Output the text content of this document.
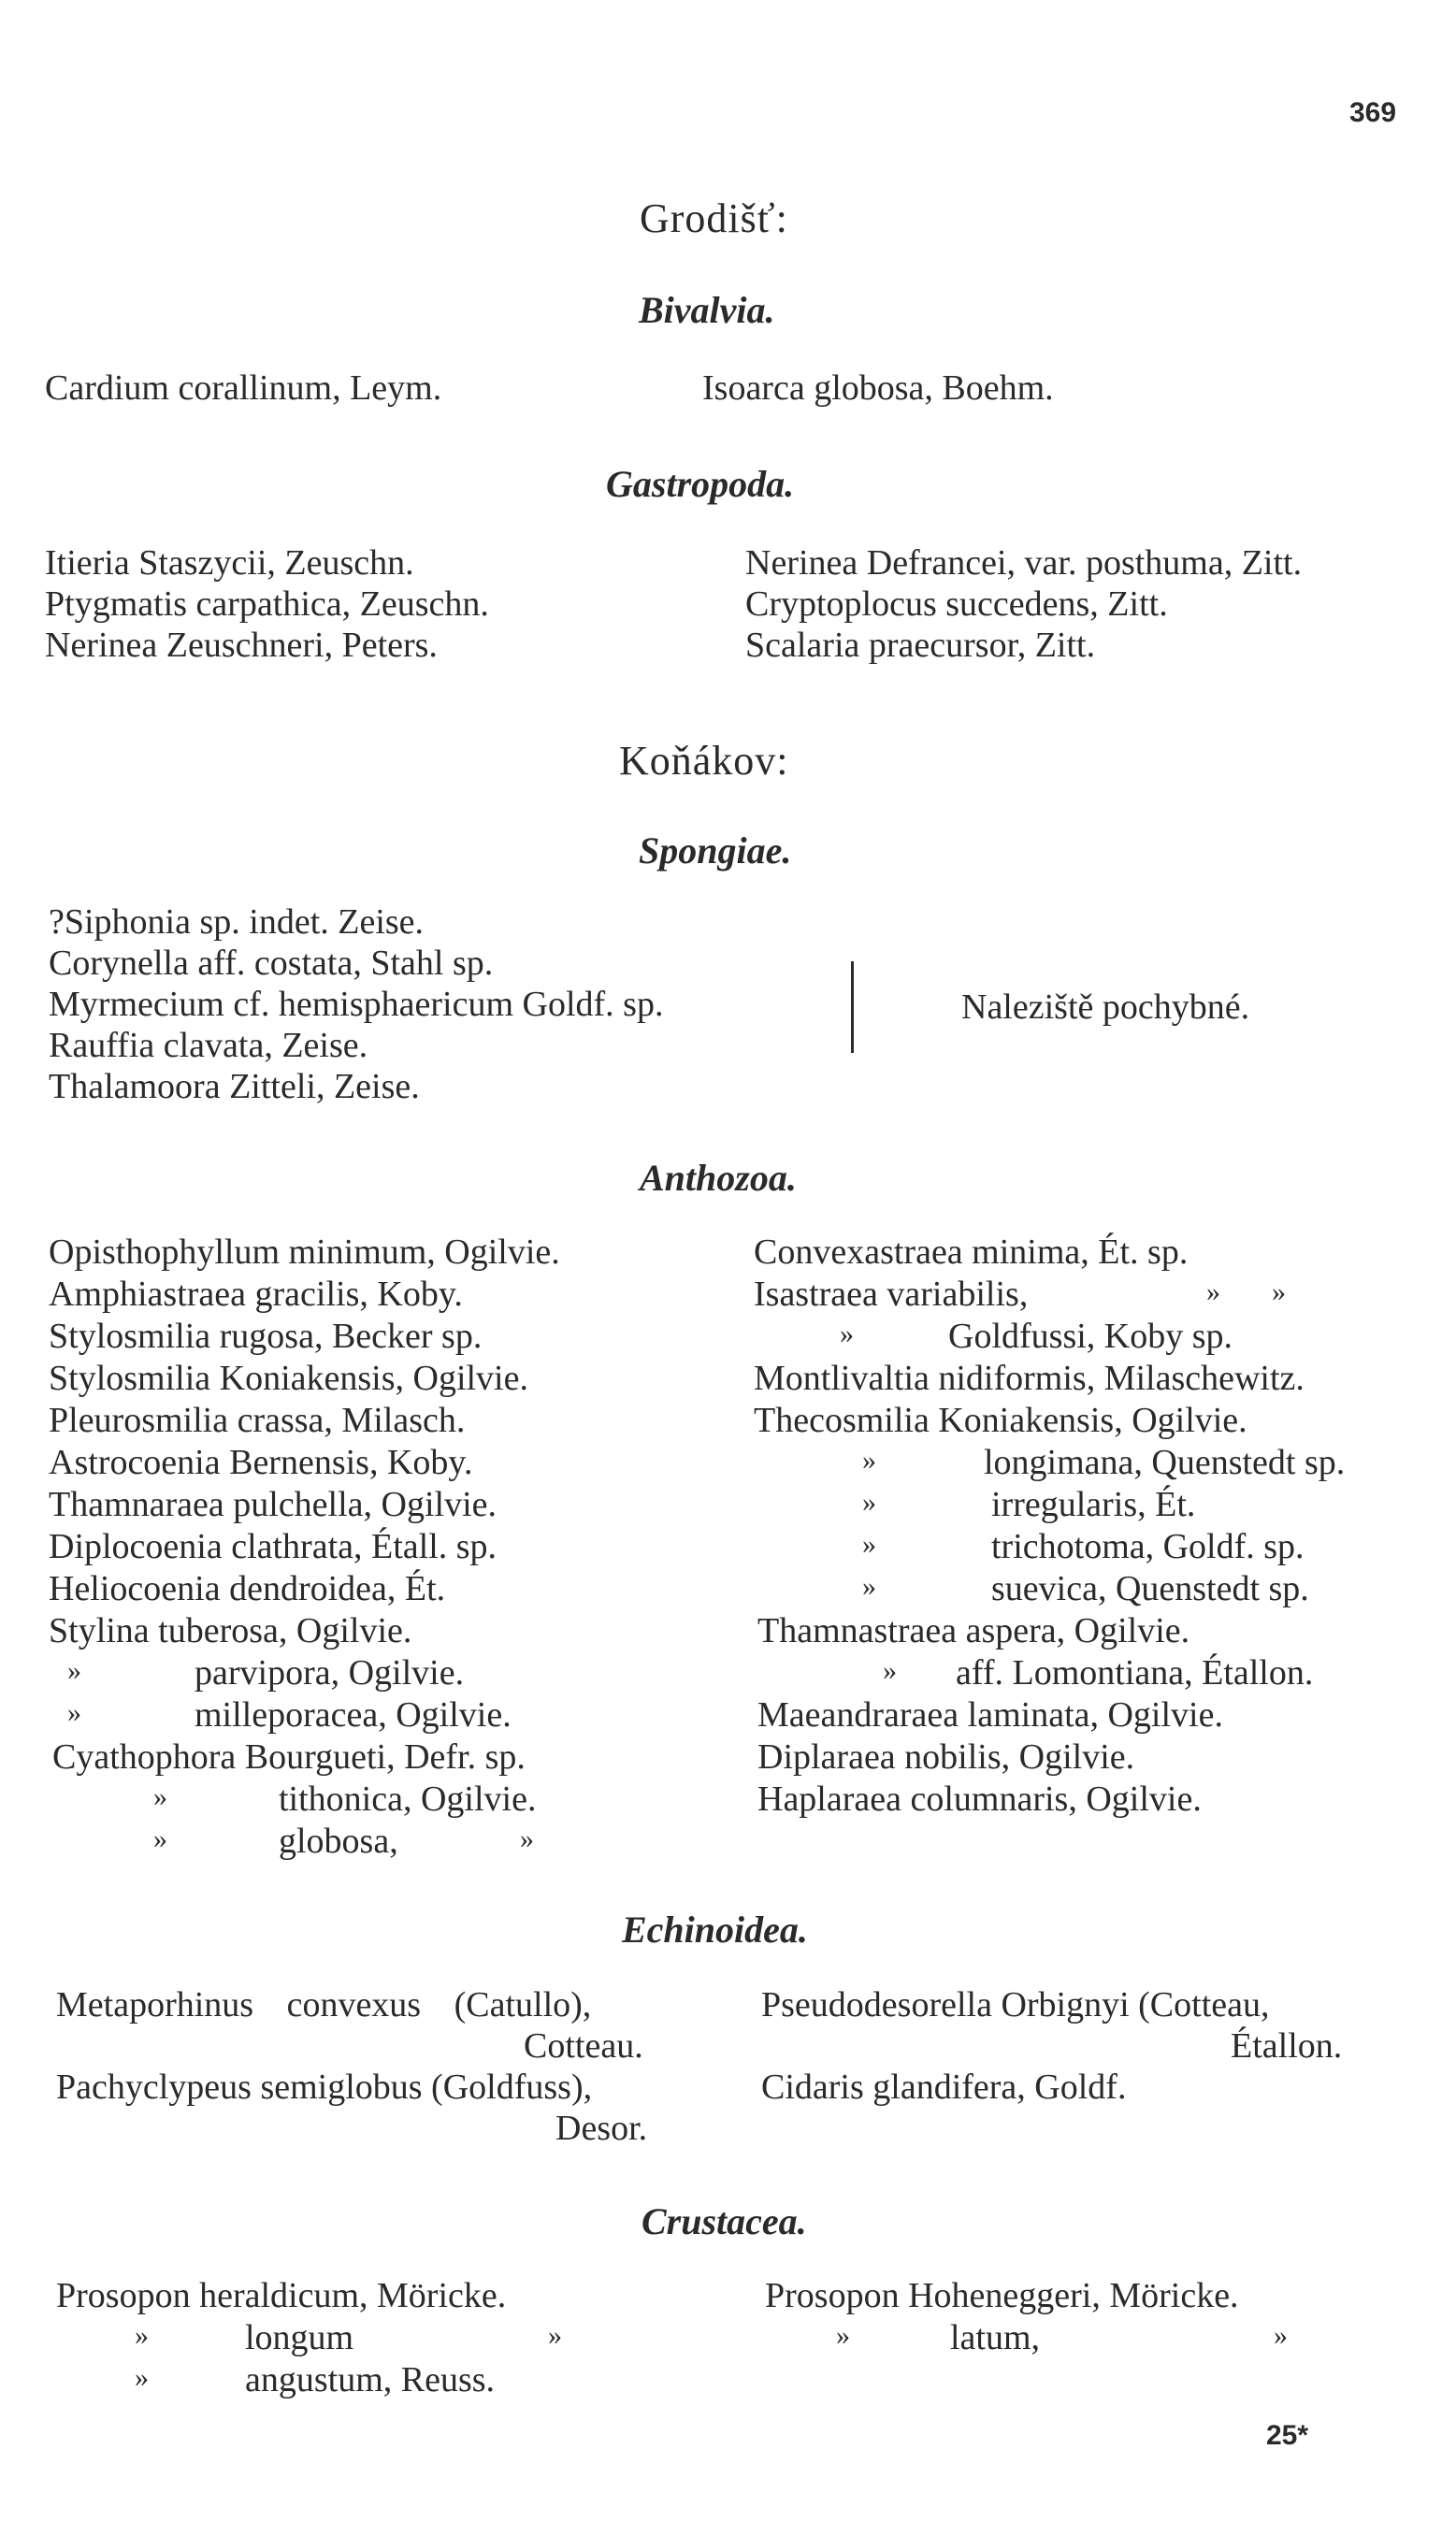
369
Grodišť:
Bivalvia.
Cardium corallinum, Leym.	Isoarca globosa, Boehm.
Gastropoda.
Itieria Staszycii, Zeuschn.
Ptygmatis carpathica, Zeuschn.
Nerinea Zeuschneri, Peters.
Nerinea Defrancei, var. posthuma, Zitt.
Cryptoplocus succedens, Zitt.
Scalaria praecursor, Zitt.
Koňákov:
Spongiae.
?Siphonia sp. indet. Zeise.
Corynella aff. costata, Stahl sp.
Myrmecium cf. hemisphaericum Goldf. sp.
Rauffia clavata, Zeise.
Thalamoora Zitteli, Zeise.
Naleziště pochybné.
Anthozoa.
Opisthophyllum minimum, Ogilvie.
Amphiastraea gracilis, Koby.
Stylosmilia rugosa, Becker sp.
Stylosmilia Koniakensis, Ogilvie.
Pleurosmilia crassa, Milasch.
Astrocoenia Bernensis, Koby.
Thamnaraea pulchella, Ogilvie.
Diplocoenia clathrata, Étall. sp.
Heliocoenia dendroidea, Ét.
Stylina tuberosa, Ogilvie.
»	parvipora, Ogilvie.
»	milleporacea, Ogilvie.
Cyathophora Bourgueti, Defr. sp.
»	tithonica, Ogilvie.
»	globosa,	»
Convexastraea minima, Ét. sp.
Isastraea variabilis,	» »
»	Goldfussi, Koby sp.
Montlivaltia nidiformis, Milaschewitz.
Thecosmilia Koniakensis, Ogilvie.
»	longimana, Quenstedt sp.
»	irregularis, Ét.
»	trichotoma, Goldf. sp.
»	suevica, Quenstedt sp.
Thamnastraea aspera, Ogilvie.
» aff. Lomontiana, Étallon.
Maeandraraea laminata, Ogilvie.
Diplaraea nobilis, Ogilvie.
Haplaraea columnaris, Ogilvie.
Echinoidea.
Metaporhinus convexus (Catullo),
Cotteau.
Pachyclypeus semiglobus (Goldfuss),
Desor.
Pseudodesorella Orbignyi (Cotteau,
Étallon.
Cidaris glandifera, Goldf.
Crustacea.
Prosopon heraldicum, Möricke.
»	longum	»
»	angustum, Reuss.
Prosopon Hoheneggeri, Möricke.
»	latum,	»
25*
